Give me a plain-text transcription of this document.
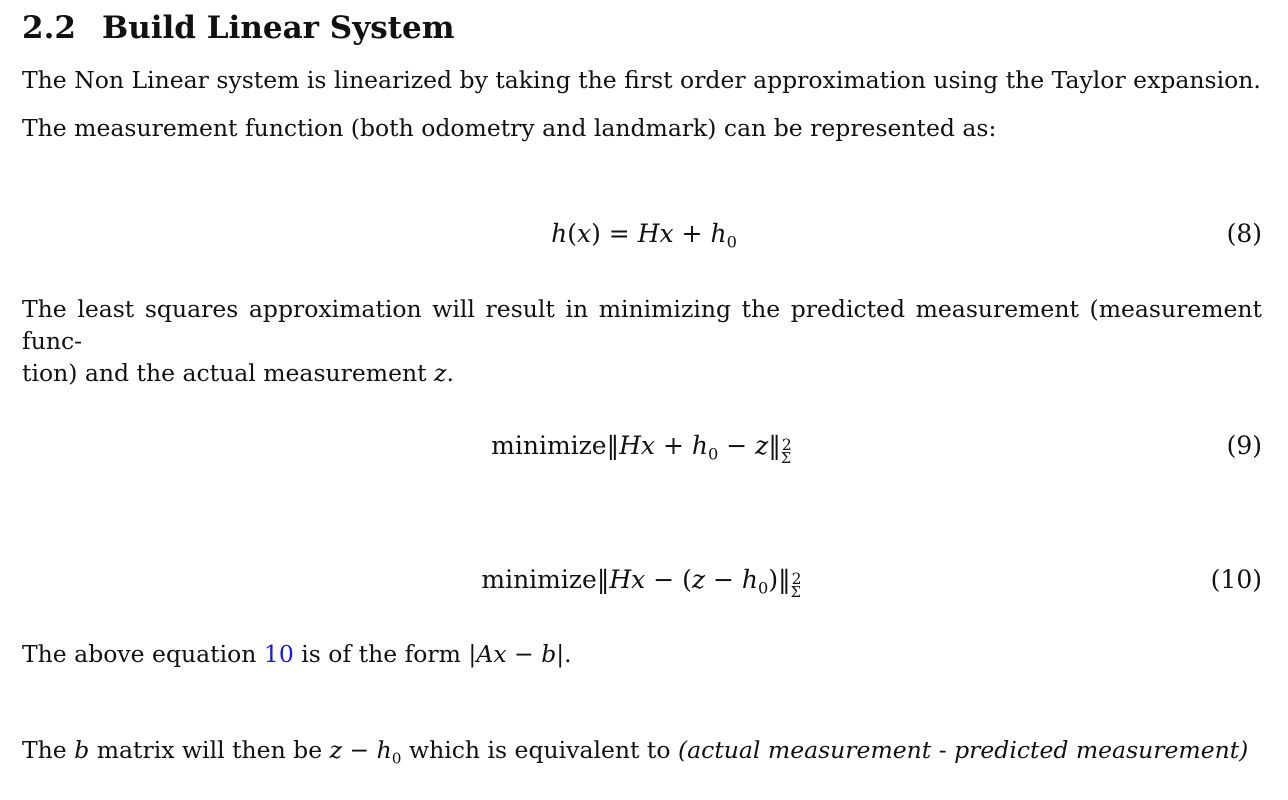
2.2 Build Linear System
The Non Linear system is linearized by taking the first order approximation using the Taylor expansion.
The measurement function (both odometry and landmark) can be represented as:
$h(x) = Hx + h_0$	(8)
The least squares approximation will result in minimizing the predicted measurement (measurement func-
tion) and the actual measurement z.
minimize‖Hx + $h_0$ − z‖ 2
Σ	(9)
minimize‖Hx − $(z - h_0)‖$ 2
Σ	(10)
The above equation 10 is of the form |Ax − b|.
The b matrix will then be $z - h_0$ which is equivalent to (actual measurement - predicted measurement)
